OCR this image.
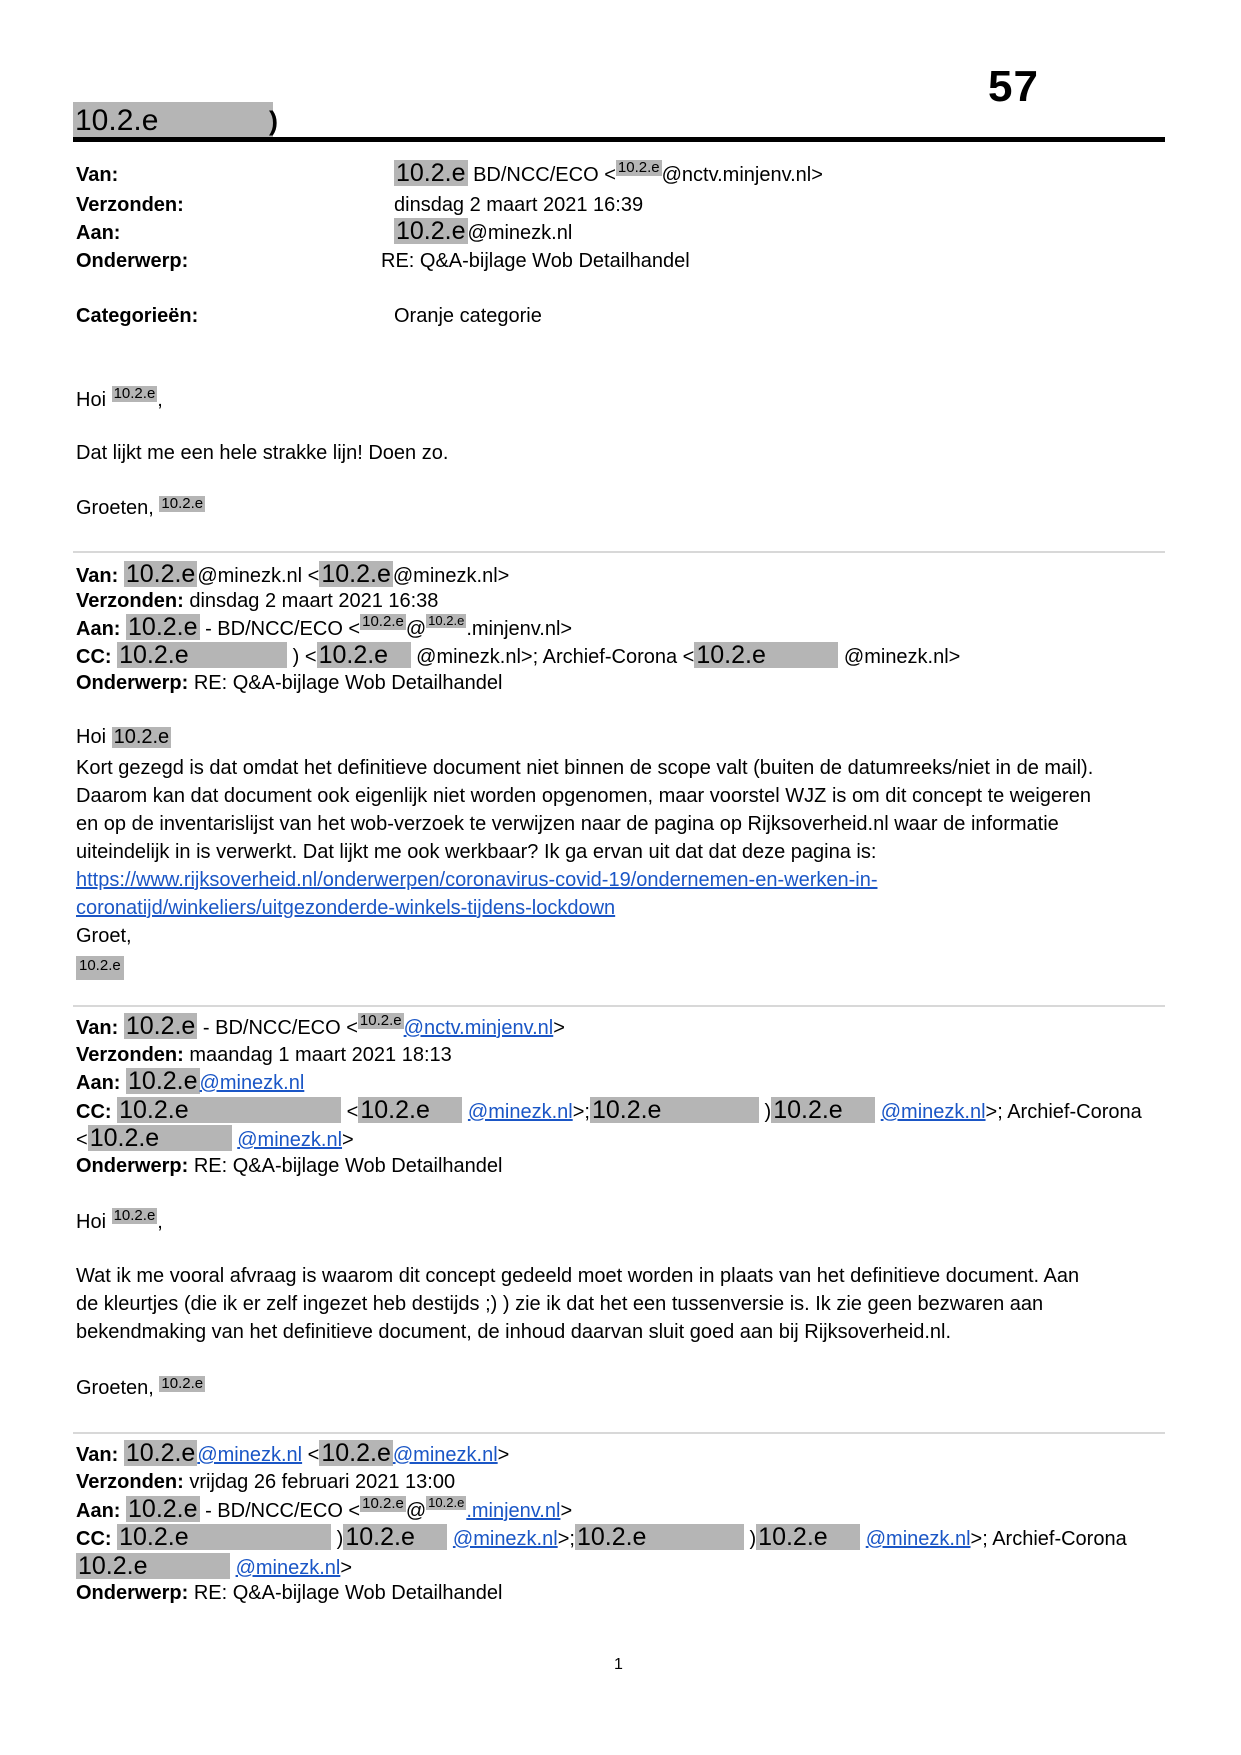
57
10.2.e	)
Van:	10.2.e BD/NCC/ECO < 10.2.e @nctv.minjenv.nl>
Verzonden:	dinsdag 2 maart 2021 16:39
Aan:	10.2.e @minezk.nl
Onderwerp:	RE: Q&A-bijlage Wob Detailhandel
Categorieën:	Oranje categorie
Hoi 10.2.e ,
Dat lijkt me een hele strakke lijn! Doen zo.
Groeten, 10.2.e
Van: 10.2.e @minezk.nl <10.2.e @minezk.nl>
Verzonden: dinsdag 2 maart 2021 16:38
Aan: 10.2.e - BD/NCC/ECO < 10.2.e @ 10.2.e .minjenv.nl>
CC: 10.2.e	) <10.2.e @minezk.nl>; Archief-Corona <10.2.e	@minezk.nl>
Onderwerp: RE: Q&A-bijlage Wob Detailhandel
Hoi 10.2.e
Kort gezegd is dat omdat het definitieve document niet binnen de scope valt (buiten de datumreeks/niet in de mail).
Daarom kan dat document ook eigenlijk niet worden opgenomen, maar voorstel WJZ is om dit concept te weigeren
en op de inventarislijst van het wob-verzoek te verwijzen naar de pagina op Rijksoverheid.nl waar de informatie
uiteindelijk in is verwerkt. Dat lijkt me ook werkbaar? Ik ga ervan uit dat dat deze pagina is:
https://www.rijksoverheid.nl/onderwerpen/coronavirus-covid-19/ondernemen-en-werken-in-
coronatijd/winkeliers/uitgezonderde-winkels-tijdens-lockdown
Groet,
10.2.e
Van: 10.2.e - BD/NCC/ECO < 10.2.e @nctv.minjenv.nl>
Verzonden: maandag 1 maart 2021 18:13
Aan: 10.2.e @minezk.nl
CC: 10.2.e	<10.2.e @minezk.nl>;10.2.e	)10.2.e @minezk.nl>; Archief-Corona
<10.2.e	@minezk.nl>
Onderwerp: RE: Q&A-bijlage Wob Detailhandel
Hoi 10.2.e ,
Wat ik me vooral afvraag is waarom dit concept gedeeld moet worden in plaats van het definitieve document. Aan
de kleurtjes (die ik er zelf ingezet heb destijds ;) ) zie ik dat het een tussenversie is. Ik zie geen bezwaren aan
bekendmaking van het definitieve document, de inhoud daarvan sluit goed aan bij Rijksoverheid.nl.
Groeten, 10.2.e
Van: 10.2.e @minezk.nl <10.2.e @minezk.nl>
Verzonden: vrijdag 26 februari 2021 13:00
Aan: 10.2.e - BD/NCC/ECO < 10.2.e @ 10.2.e .minjenv.nl>
CC: 10.2.e	)10.2.e @minezk.nl>;10.2.e	)10.2.e @minezk.nl>; Archief-Corona
10.2.e	@minezk.nl>
Onderwerp: RE: Q&A-bijlage Wob Detailhandel
1
